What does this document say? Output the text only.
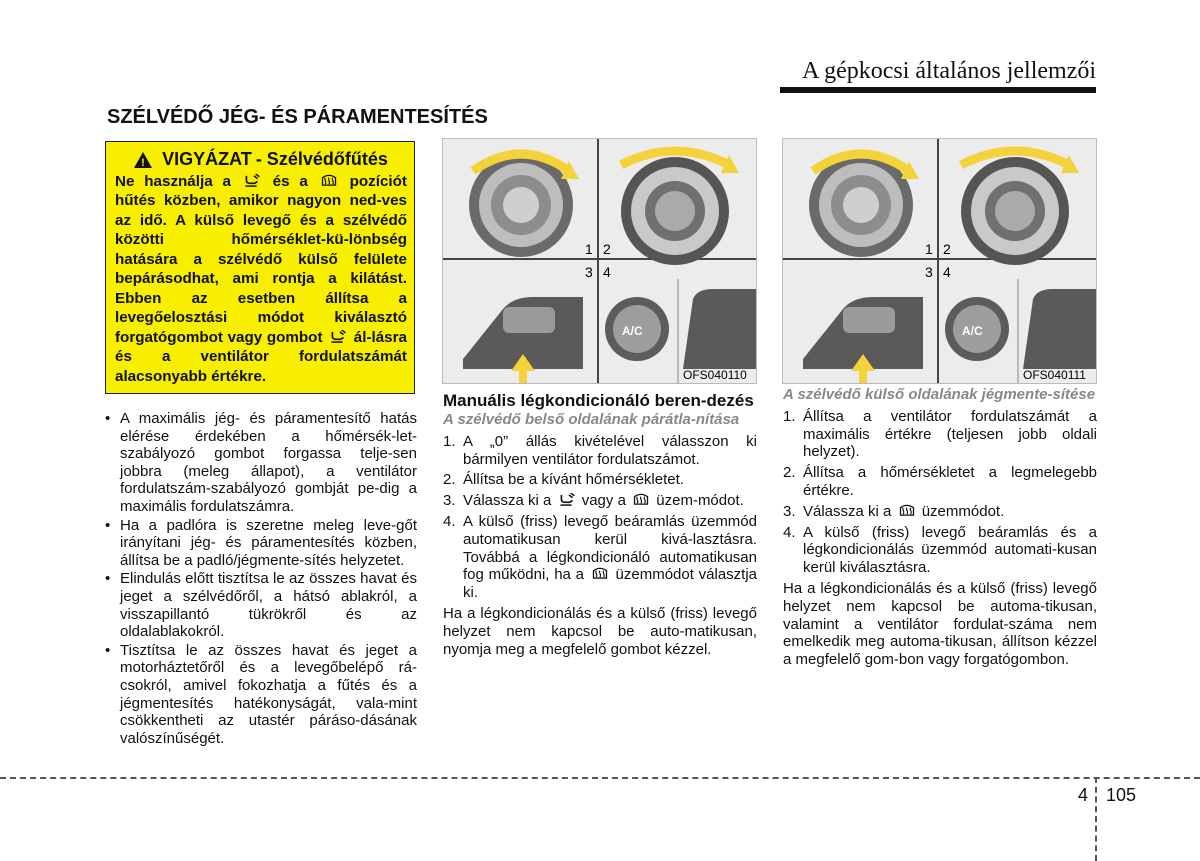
A gépkocsi általános jellemzői
SZÉLVÉDŐ JÉG- ÉS PÁRAMENTESÍTÉS
!
VIGYÁZAT - Szélvédőfűtés
Ne használja a	és a	pozíciót hűtés közben, amikor nagyon ned-ves az idő. A külső levegő és a szélvédő közötti hőmérséklet-kü-lönbség hatására a szélvédő külső felülete bepárásodhat, ami rontja a kilátást. Ebben az esetben állítsa a levegőelosztási módot kiválasztó forgatógombot vagy gombot ál-lásra és a ventilátor fordulatszámát alacsonyabb értékre.
• A maximális jég- és páramentesítő hatás elérése érdekében a hőmérsék-let-szabályozó gombot forgassa telje-sen jobbra (meleg állapot), a ventilátor fordulatszám-szabályozó gombját pe-dig a maximális fordulatszámra.
• Ha a padlóra is szeretne meleg leve-gőt irányítani jég- és páramentesítés közben, állítsa be a padló/jégmente-sítés helyzetet.
• Elindulás előtt tisztítsa le az összes havat és jeget a szélvédőről, a hátsó ablakról, a visszapillantó tükrökről és az oldalablakokról.
• Tisztítsa le az összes havat és jeget a motorháztetőről és a levegőbelépő rá-csokról, amivel fokozhatja a fűtés és a jégmentesítés hatékonyságát, vala-mint csökkentheti az utastér páráso-dásának valószínűségét.
A/C
1 2
3 4
OFS040110
A/C
1 2
3 4
OFS040111
Manuális légkondicionáló beren-dezés
A szélvédő belső oldalának párátla-nítása
1. A „0” állás kivételével válasszon ki bármilyen ventilátor fordulatszámot.
2. Állítsa be a kívánt hőmérsékletet.
3. Válassza ki a vagy a üzem-módot.
4. A külső (friss) levegő beáramlás üzemmód automatikusan kerül kivá-lasztásra. Továbbá a légkondicionáló automatikusan fog működni, ha a üzemmódot választja ki.
Ha a légkondicionálás és a külső (friss) levegő helyzet nem kapcsol be auto-matikusan, nyomja meg a megfelelő gombot kézzel.
A szélvédő külső oldalának jégmente-sítése
1. Állítsa a ventilátor fordulatszámát a maximális értékre (teljesen jobb oldali helyzet).
2. Állítsa a hőmérsékletet a legmelegebb értékre.
3. Válassza ki a üzemmódot.
4. A külső (friss) levegő beáramlás és a légkondicionálás üzemmód automati-kusan kerül kiválasztásra.
Ha a légkondicionálás és a külső (friss) levegő helyzet nem kapcsol be automa-tikusan, valamint a ventilátor fordulat-száma nem emelkedik meg automa-tikusan, állítson kézzel a megfelelő gom-bon vagy forgatógombon.
4 105
